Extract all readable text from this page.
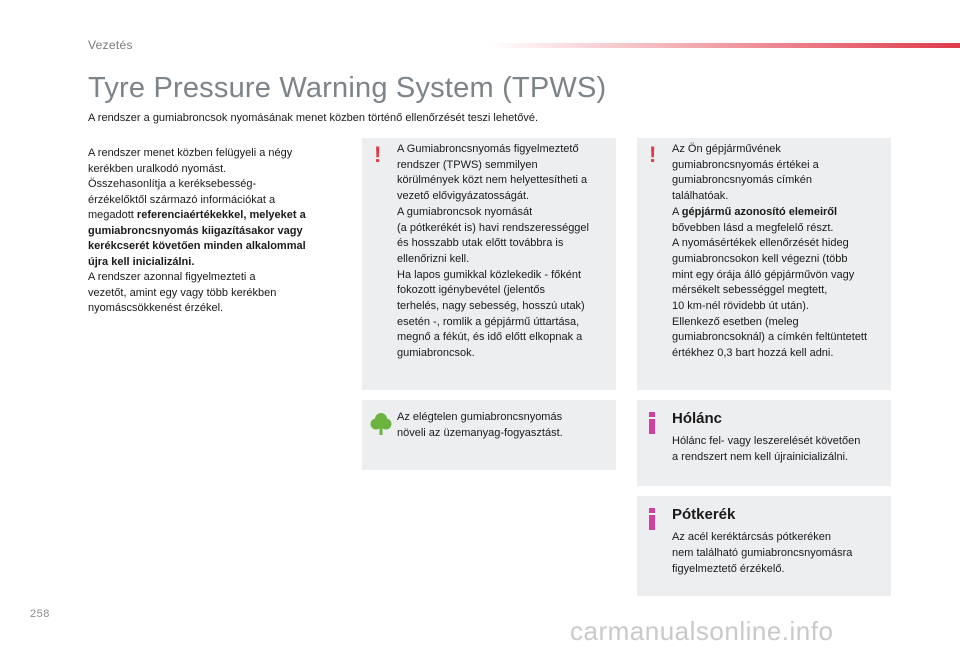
Vezetés
Tyre Pressure Warning System (TPWS)
A rendszer a gumiabroncsok nyomásának menet közben történő ellenőrzését teszi lehetővé.

A rendszer menet közben felügyeli a négy
kerékben uralkodó nyomást.
Összehasonlítja a keréksebesség-
érzékelőktől származó információkat a
megadott referenciaértékekkel, melyeket a
gumiabroncsnyomás kiigazításakor vagy
kerékcserét követően minden alkalommal
újra kell inicializálni.
A rendszer azonnal figyelmezteti a
vezetőt, amint egy vagy több kerékben
nyomáscsökkenést érzékel.

! A Gumiabroncsnyomás figyelmeztető
rendszer (TPWS) semmilyen
körülmények közt nem helyettesítheti a
vezető elővigyázatosságát.
A gumiabroncsok nyomását
(a pótkerékét is) havi rendszerességgel
és hosszabb utak előtt továbbra is
ellenőrizni kell.
Ha lapos gumikkal közlekedik - főként
fokozott igénybevétel (jelentős
terhelés, nagy sebesség, hosszú utak)
esetén -, romlik a gépjármű úttartása,
megnő a fékút, és idő előtt elkopnak a
gumiabroncsok.

! Az Ön gépjárművének
gumiabroncsnyomás értékei a
gumiabroncsnyomás címkén
találhatóak.
A gépjármű azonosító elemeiről
bővebben lásd a megfelelő részt.
A nyomásértékek ellenőrzését hideg
gumiabroncsokon kell végezni (több
mint egy órája álló gépjárművön vagy
mérsékelt sebességgel megtett,
10 km-nél rövidebb út után).
Ellenkező esetben (meleg
gumiabroncsoknál) a címkén feltüntetett
értékhez 0,3 bart hozzá kell adni.

Az elégtelen gumiabroncsnyomás
növeli az üzemanyag-fogyasztást.

Hólánc

Hólánc fel- vagy leszerelését követően
a rendszert nem kell újrainicializálni.

Pótkerék

Az acél keréktárcsás pótkeréken
nem található gumiabroncsnyomásra
figyelmeztető érzékelő.

258
carmanualsonline.info
